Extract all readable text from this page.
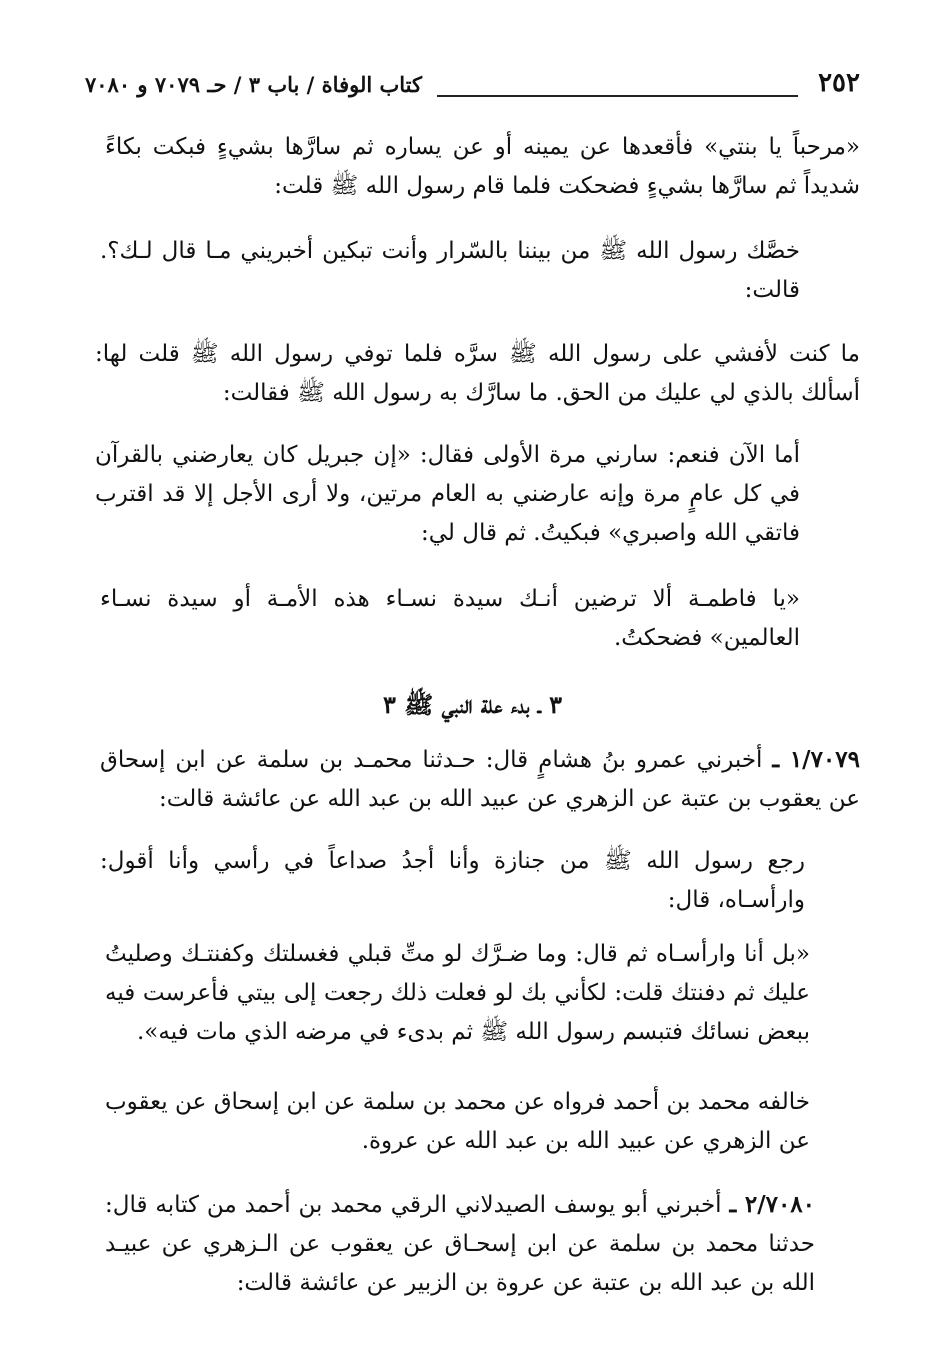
٢٥٢
كتاب الوفاة / باب ٣ / حـ ٧٠٧٩ و ٧٠٨٠
«مرحباً يا بنتي» فأقعدها عن يمينه أو عن يساره ثم سارَّها بشيءٍ فبكت بكاءً شديداً ثم سارَّها بشيءٍ فضحكت فلما قام رسول الله ﷺ قلت:
خصَّك رسول الله ﷺ من بيننا بالسّرار وأنت تبكين أخبريني مـا قال لـك؟. قالت:
ما كنت لأفشي على رسول الله ﷺ سرَّه فلما توفي رسول الله ﷺ قلت لها: أسألك بالذي لي عليك من الحق. ما سارَّك به رسول الله ﷺ فقالت:
أما الآن فنعم: سارني مرة الأولى فقال: «إن جبريل كان يعارضني بالقرآن في كل عامٍ مرة وإنه عارضني به العام مرتين، ولا أرى الأجل إلا قد اقترب فاتقي الله واصبري» فبكيتُ. ثم قال لي:
«يا فاطمـة ألا ترضين أنـك سيدة نسـاء هذه الأمـة أو سيدة نسـاء العالمين» فضحكتُ.
٣ ـ بدء علة النبي ﷺ ٣
١/٧٠٧٩ ـ أخبرني عمرو بنُ هشامٍ قال: حـدثنا محمـد بن سلمة عن ابن إسحاق عن يعقوب بن عتبة عن الزهري عن عبيد الله بن عبد الله عن عائشة قالت:
رجع رسول الله ﷺ من جنازة وأنا أجدُ صداعاً في رأسي وأنا أقول: وارأسـاه، قال:
«بل أنا وارأسـاه ثم قال: وما ضـرَّك لو متِّ قبلي فغسلتك وكفنتـك وصليتُ عليك ثم دفنتك قلت: لكأني بك لو فعلت ذلك رجعت إلى بيتي فأعرست فيه ببعض نسائك فتبسم رسول الله ﷺ ثم بدىء في مرضه الذي مات فيه».
خالفه محمد بن أحمد فرواه عن محمد بن سلمة عن ابن إسحاق عن يعقوب عن الزهري عن عبيد الله بن عبد الله عن عروة.
٢/٧٠٨٠ ـ أخبرني أبو يوسف الصيدلاني الرقي محمد بن أحمد من كتابه قال: حدثنا محمد بن سلمة عن ابن إسحـاق عن يعقوب عن الـزهري عن عبيـد الله بن عبد الله بن عتبة عن عروة بن الزبير عن عائشة قالت:
